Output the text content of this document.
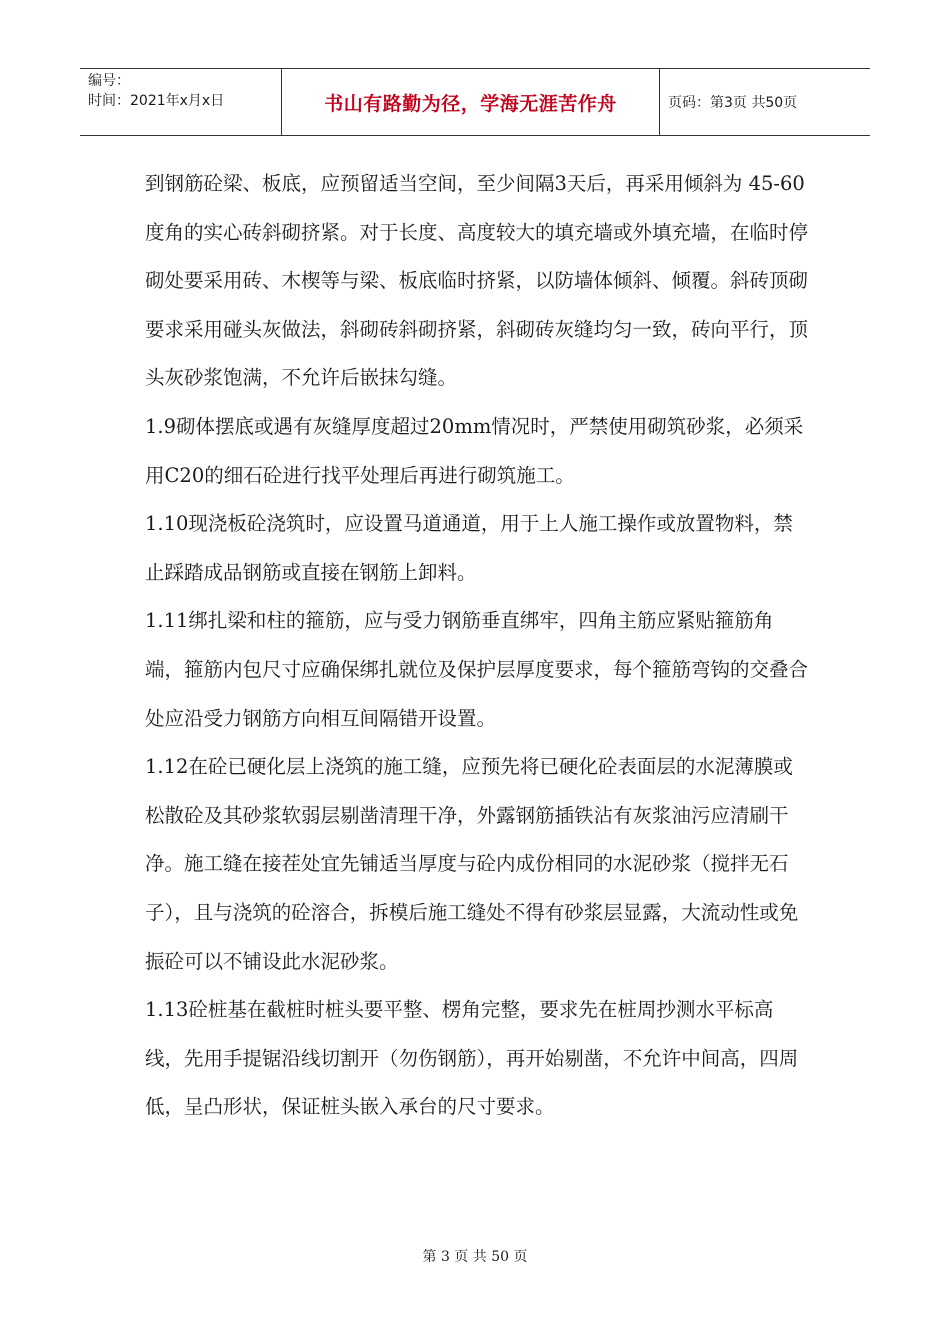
编号：
时间：2021年x月x日	书山有路勤为径，学海无涯苦作舟	页码：第3页 共50页

到钢筋砼梁、板底，应预留适当空间，至少间隔3天后，再采用倾斜为 45-60度角的实心砖斜砌挤紧。对于长度、高度较大的填充墙或外填充墙，在临时停砌处要采用砖、木楔等与梁、板底临时挤紧，以防墙体倾斜、倾覆。斜砖顶砌 要求采用碰头灰做法，斜砌砖斜砌挤紧，斜砌砖灰缝均匀一致，砖向平行，顶头灰砂浆饱满，不允许后嵌抹勾缝。

1.9砌体摆底或遇有灰缝厚度超过20mm情况时，严禁使用砌筑砂浆，必须采用C20的细石砼进行找平处理后再进行砌筑施工。

1.10现浇板砼浇筑时，应设置马道通道，用于上人施工操作或放置物料，禁止踩踏成品钢筋或直接在钢筋上卸料。

1.11绑扎梁和柱的箍筋，应与受力钢筋垂直绑牢，四角主筋应紧贴箍筋角端，箍筋内包尺寸应确保绑扎就位及保护层厚度要求，每个箍筋弯钩的交叠合处应沿受力钢筋方向相互间隔错开设置。

1.12在砼已硬化层上浇筑的施工缝，应预先将已硬化砼表面层的水泥薄膜或松散砼及其砂浆软弱层剔凿清理干净，外露钢筋插铁沾有灰浆油污应清刷干净。施工缝在接茬处宜先铺适当厚度与砼内成份相同的水泥砂浆（搅拌无石子），且与浇筑的砼溶合，拆模后施工缝处不得有砂浆层显露，大流动性或免振砼可以不铺设此水泥砂浆。

1.13砼桩基在截桩时桩头要平整、楞角完整，要求先在桩周抄测水平标高线，先用手提锯沿线切割开（勿伤钢筋），再开始剔凿，不允许中间高，四周低，呈凸形状，保证桩头嵌入承台的尺寸要求。

第 3 页 共 50 页
